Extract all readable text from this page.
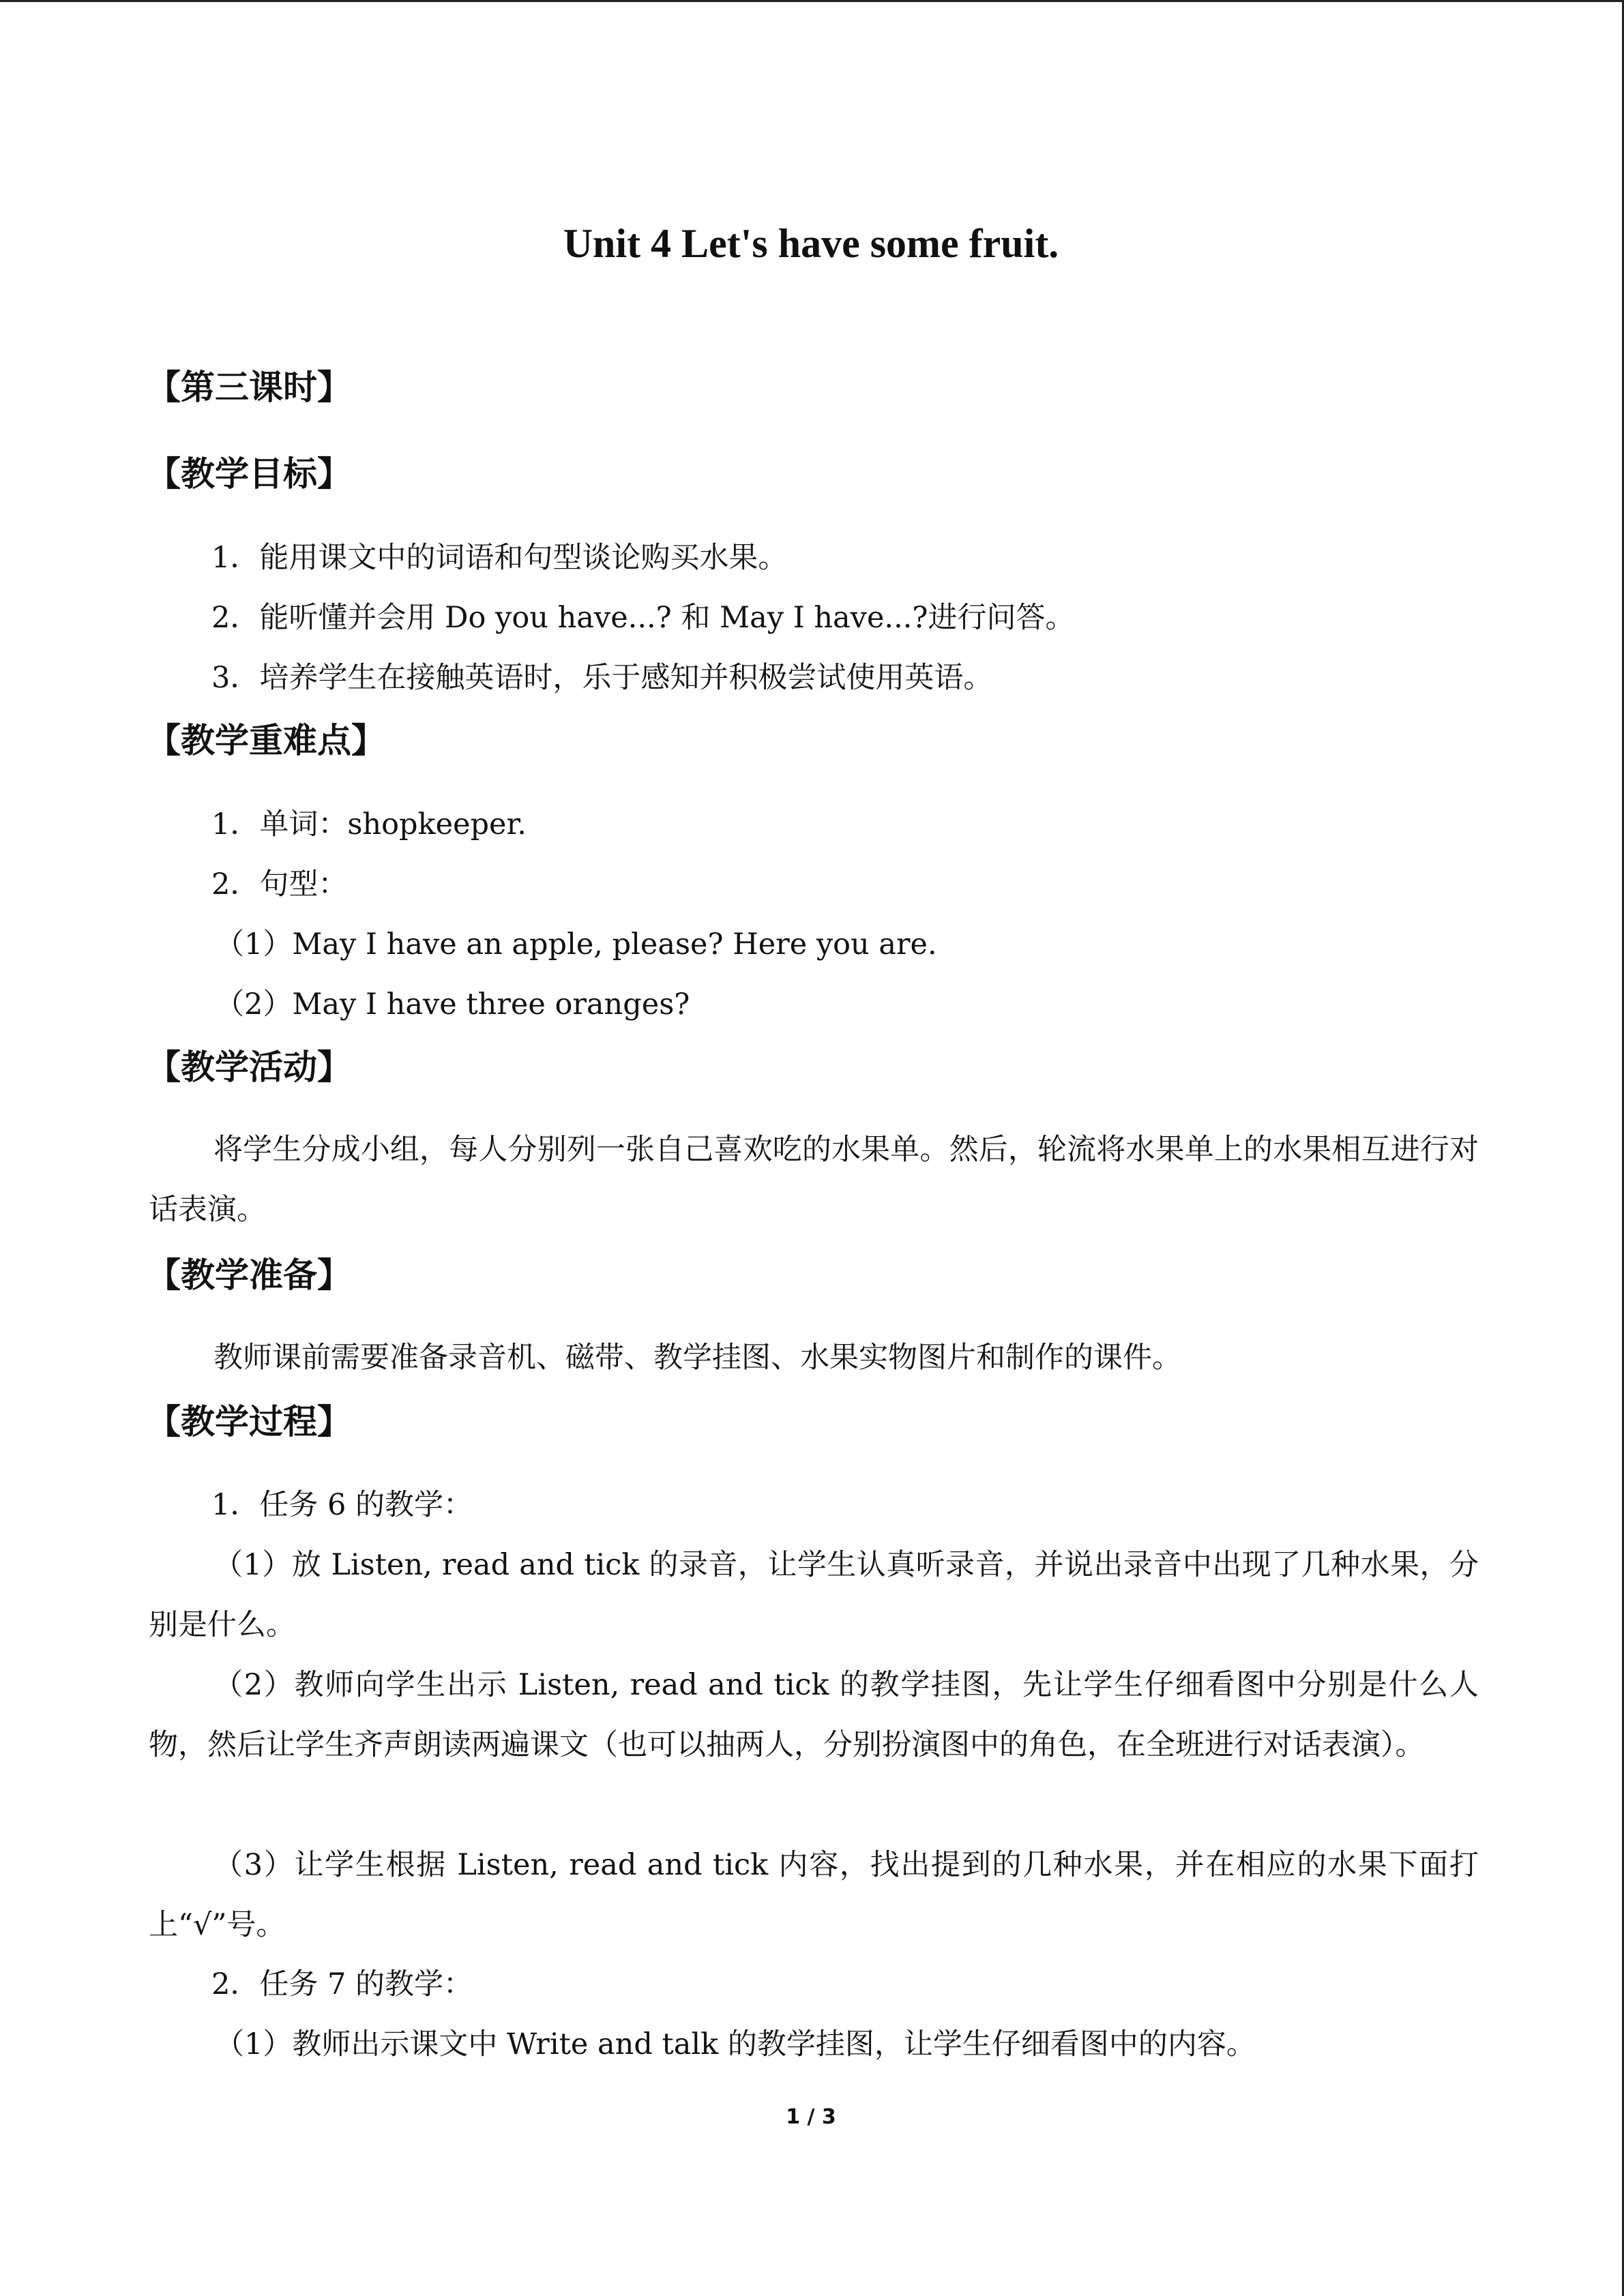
Unit 4 Let's have some fruit.

【第三课时】

【教学目标】

1．能用课文中的词语和句型谈论购买水果。

2．能听懂并会用 Do you have...? 和 May I have...?进行问答。

3．培养学生在接触英语时，乐于感知并积极尝试使用英语。

【教学重难点】

1．单词：shopkeeper.

2．句型：

（1）May I have an apple, please? Here you are.

（2）May I have three oranges?

【教学活动】

将学生分成小组，每人分别列一张自己喜欢吃的水果单。然后，轮流将水果单上的水果相互进行对话表演。

【教学准备】

教师课前需要准备录音机、磁带、教学挂图、水果实物图片和制作的课件。

【教学过程】

1．任务 6 的教学：

（1）放 Listen, read and tick 的录音，让学生认真听录音，并说出录音中出现了几种水果，分别是什么。

（2）教师向学生出示 Listen, read and tick 的教学挂图，先让学生仔细看图中分别是什么人物，然后让学生齐声朗读两遍课文（也可以抽两人，分别扮演图中的角色，在全班进行对话表演）。

（3）让学生根据 Listen, read and tick 内容，找出提到的几种水果，并在相应的水果下面打上“√”号。

2．任务 7 的教学：

（1）教师出示课文中 Write and talk 的教学挂图，让学生仔细看图中的内容。

1 / 3
